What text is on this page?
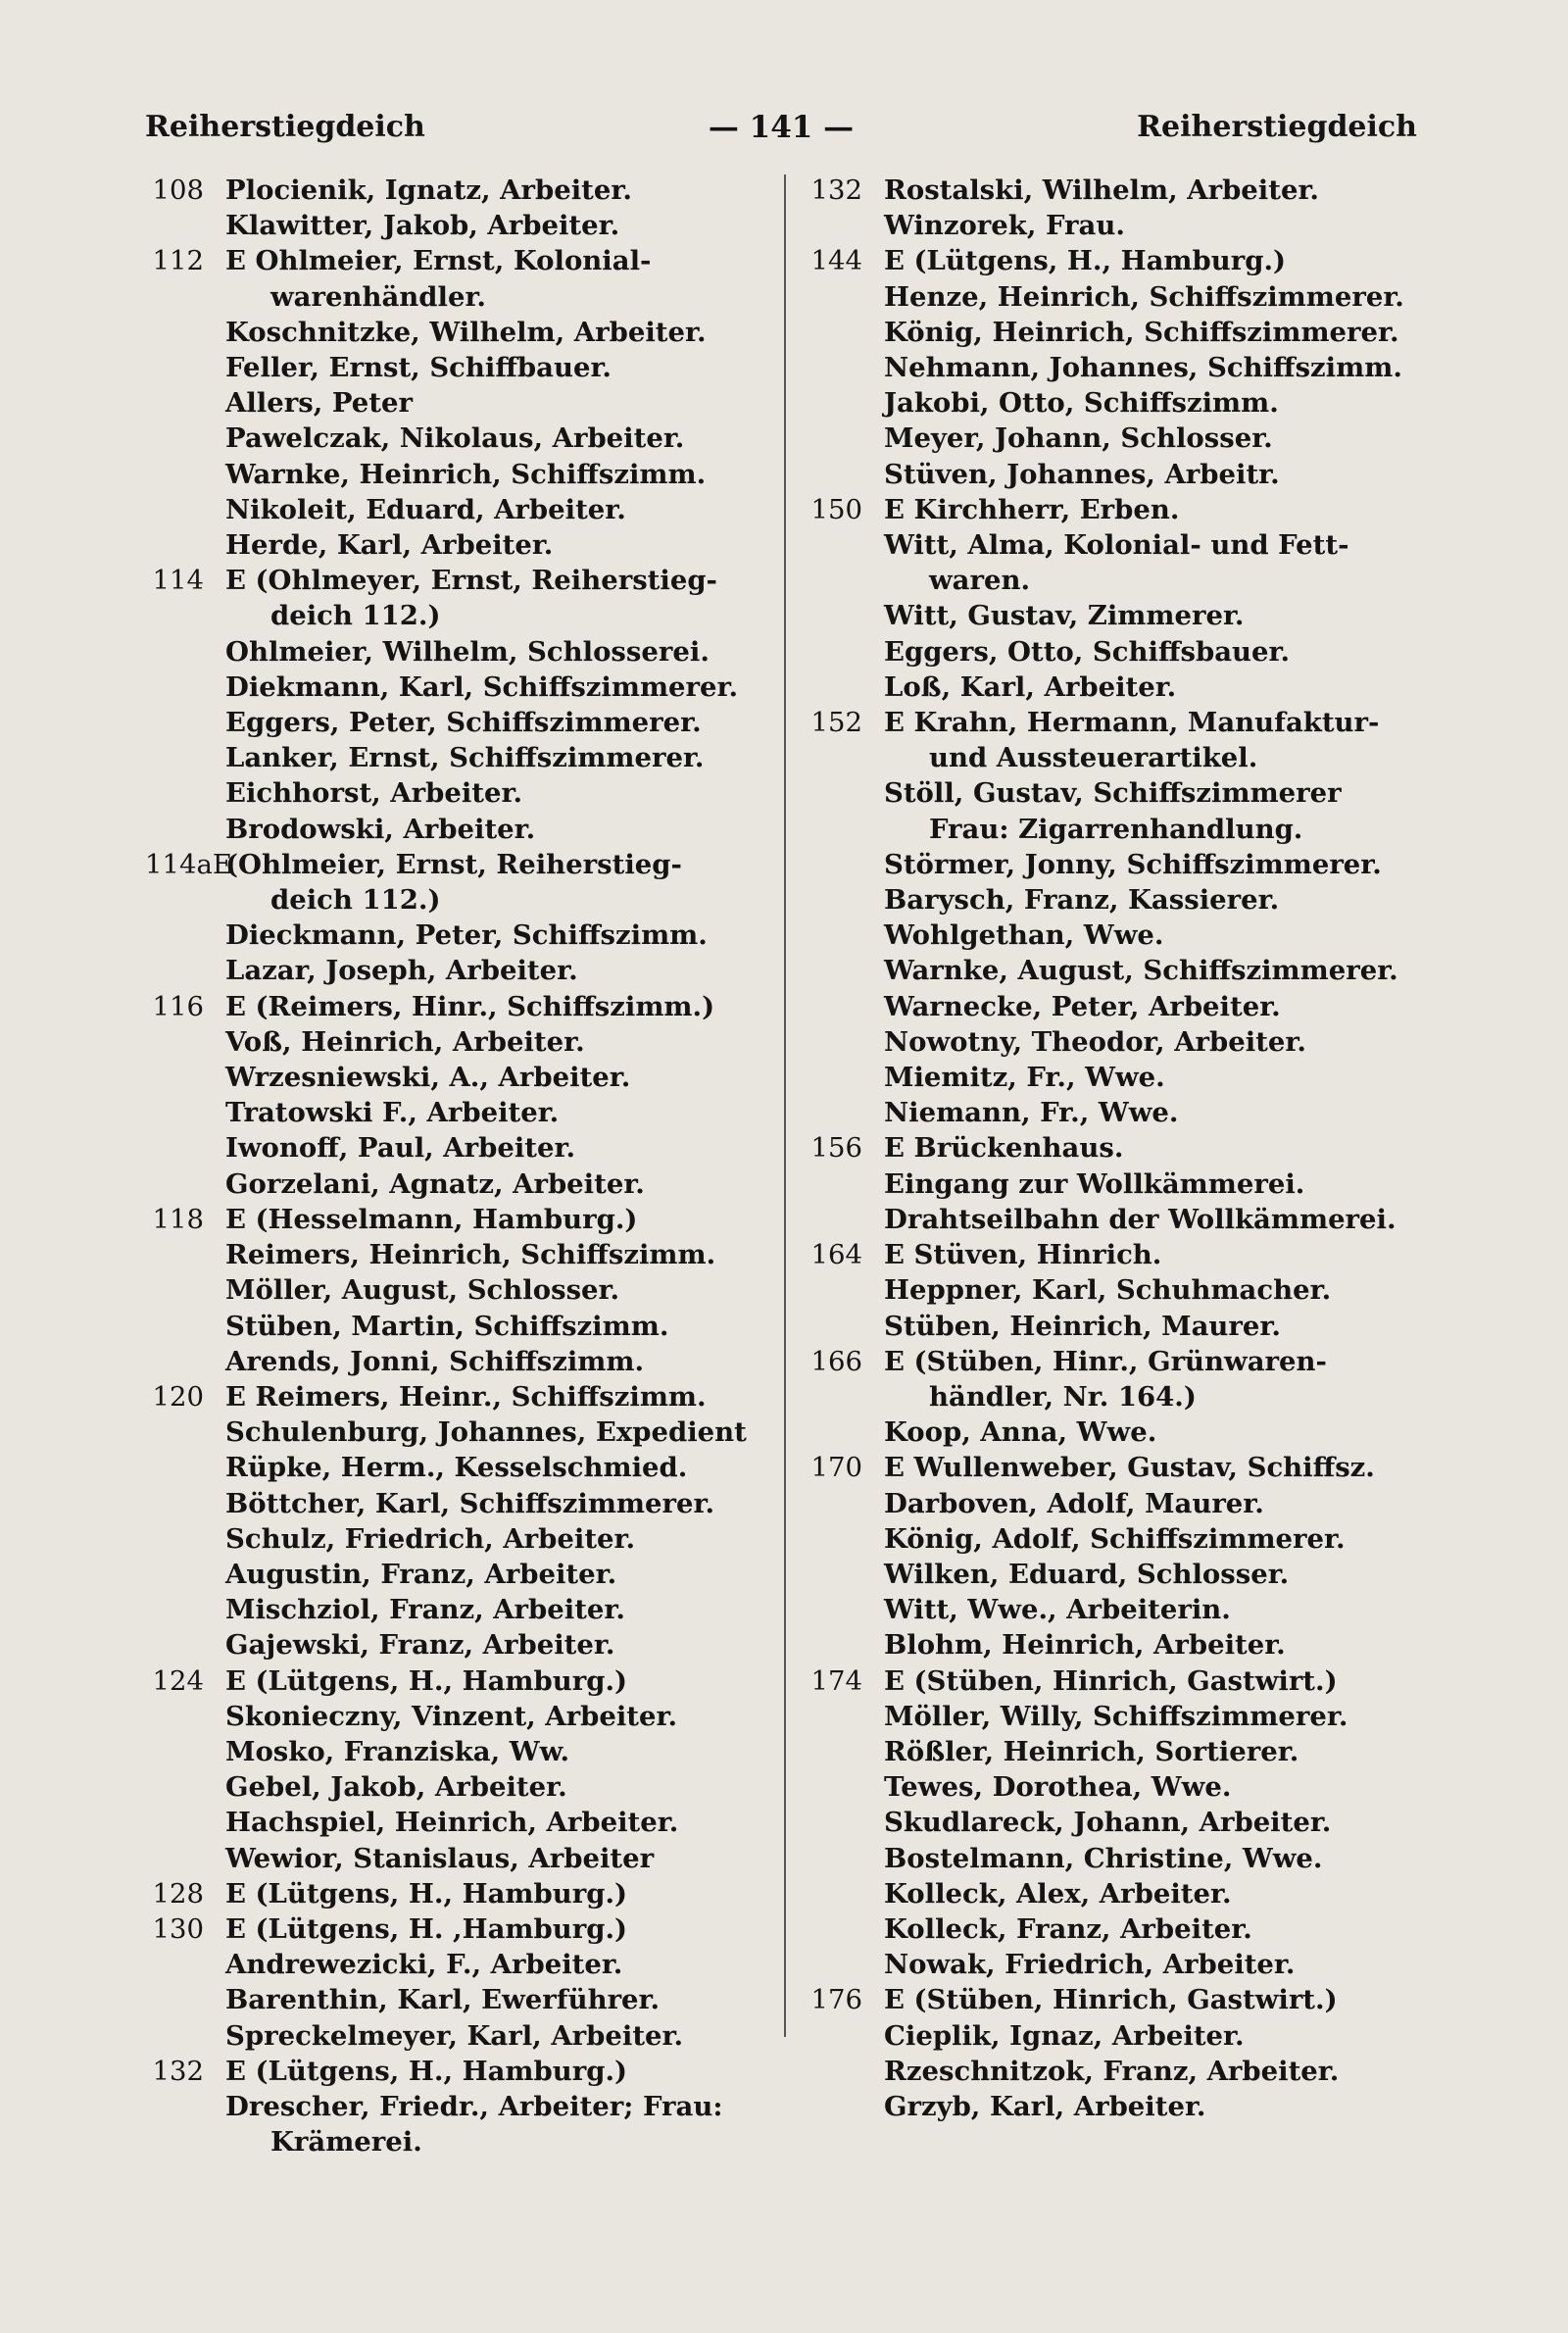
Reiherstiegdeich	— 141 —	Reiherstiegdeich
108 Plocienik, Ignatz, Arbeiter.
Klawitter, Jakob, Arbeiter.
112 E Ohlmeier, Ernst, Kolonial-
warenhändler.
Koschnitzke, Wilhelm, Arbeiter.
Feller, Ernst, Schiffbauer.
Allers, Peter
Pawelczak, Nikolaus, Arbeiter.
Warnke, Heinrich, Schiffszimm.
Nikoleit, Eduard, Arbeiter.
Herde, Karl, Arbeiter.
114 E (Ohlmeyer, Ernst, Reiherstieg-
deich 112.)
Ohlmeier, Wilhelm, Schlosserei.
Diekmann, Karl, Schiffszimmerer.
Eggers, Peter, Schiffszimmerer.
Lanker, Ernst, Schiffszimmerer.
Eichhorst, Arbeiter.
Brodowski, Arbeiter.
114aE
(Ohlmeier, Ernst, Reiherstieg-
deich 112.)
Dieckmann, Peter, Schiffszimm.
Lazar, Joseph, Arbeiter.
116 E (Reimers, Hinr., Schiffszimm.)
Voß, Heinrich, Arbeiter.
Wrzesniewski, A., Arbeiter.
Tratowski F., Arbeiter.
Iwonoff, Paul, Arbeiter.
Gorzelani, Agnatz, Arbeiter.
118 E (Hesselmann, Hamburg.)
Reimers, Heinrich, Schiffszimm.
Möller, August, Schlosser.
Stüben, Martin, Schiffszimm.
Arends, Jonni, Schiffszimm.
120 E Reimers, Heinr., Schiffszimm.
Schulenburg, Johannes, Expedient
Rüpke, Herm., Kesselschmied.
Böttcher, Karl, Schiffszimmerer.
Schulz, Friedrich, Arbeiter.
Augustin, Franz, Arbeiter.
Mischziol, Franz, Arbeiter.
Gajewski, Franz, Arbeiter.
124 E (Lütgens, H., Hamburg.)
Skonieczny, Vinzent, Arbeiter.
Mosko, Franziska, Ww.
Gebel, Jakob, Arbeiter.
Hachspiel, Heinrich, Arbeiter.
Wewior, Stanislaus, Arbeiter
128 E (Lütgens, H., Hamburg.)
130 E (Lütgens, H. ,Hamburg.)
Andrewezicki, F., Arbeiter.
Barenthin, Karl, Ewerführer.
Spreckelmeyer, Karl, Arbeiter.
132 E (Lütgens, H., Hamburg.)
Drescher, Friedr., Arbeiter; Frau:
Krämerei.
132 Rostalski, Wilhelm, Arbeiter.
Winzorek, Frau.
144 E (Lütgens, H., Hamburg.)
Henze, Heinrich, Schiffszimmerer.
König, Heinrich, Schiffszimmerer.
Nehmann, Johannes, Schiffszimm.
Jakobi, Otto, Schiffszimm.
Meyer, Johann, Schlosser.
Stüven, Johannes, Arbeitr.
150 E Kirchherr, Erben.
Witt, Alma, Kolonial- und Fett-
waren.
Witt, Gustav, Zimmerer.
Eggers, Otto, Schiffsbauer.
Loß, Karl, Arbeiter.
152 E Krahn, Hermann, Manufaktur-
und Aussteuerartikel.
Stöll, Gustav, Schiffszimmerer
Frau: Zigarrenhandlung.
Störmer, Jonny, Schiffszimmerer.
Barysch, Franz, Kassierer.
Wohlgethan, Wwe.
Warnke, August, Schiffszimmerer.
Warnecke, Peter, Arbeiter.
Nowotny, Theodor, Arbeiter.
Miemitz, Fr., Wwe.
Niemann, Fr., Wwe.
156 E Brückenhaus.
Eingang zur Wollkämmerei.
Drahtseilbahn der Wollkämmerei.
164 E Stüven, Hinrich.
Heppner, Karl, Schuhmacher.
Stüben, Heinrich, Maurer.
166 E (Stüben, Hinr., Grünwaren-
händler, Nr. 164.)
Koop, Anna, Wwe.
170 E Wullenweber, Gustav, Schiffsz.
Darboven, Adolf, Maurer.
König, Adolf, Schiffszimmerer.
Wilken, Eduard, Schlosser.
Witt, Wwe., Arbeiterin.
Blohm, Heinrich, Arbeiter.
174 E (Stüben, Hinrich, Gastwirt.)
Möller, Willy, Schiffszimmerer.
Rößler, Heinrich, Sortierer.
Tewes, Dorothea, Wwe.
Skudlareck, Johann, Arbeiter.
Bostelmann, Christine, Wwe.
Kolleck, Alex, Arbeiter.
Kolleck, Franz, Arbeiter.
Nowak, Friedrich, Arbeiter.
176 E (Stüben, Hinrich, Gastwirt.)
Cieplik, Ignaz, Arbeiter.
Rzeschnitzok, Franz, Arbeiter.
Grzyb, Karl, Arbeiter.
